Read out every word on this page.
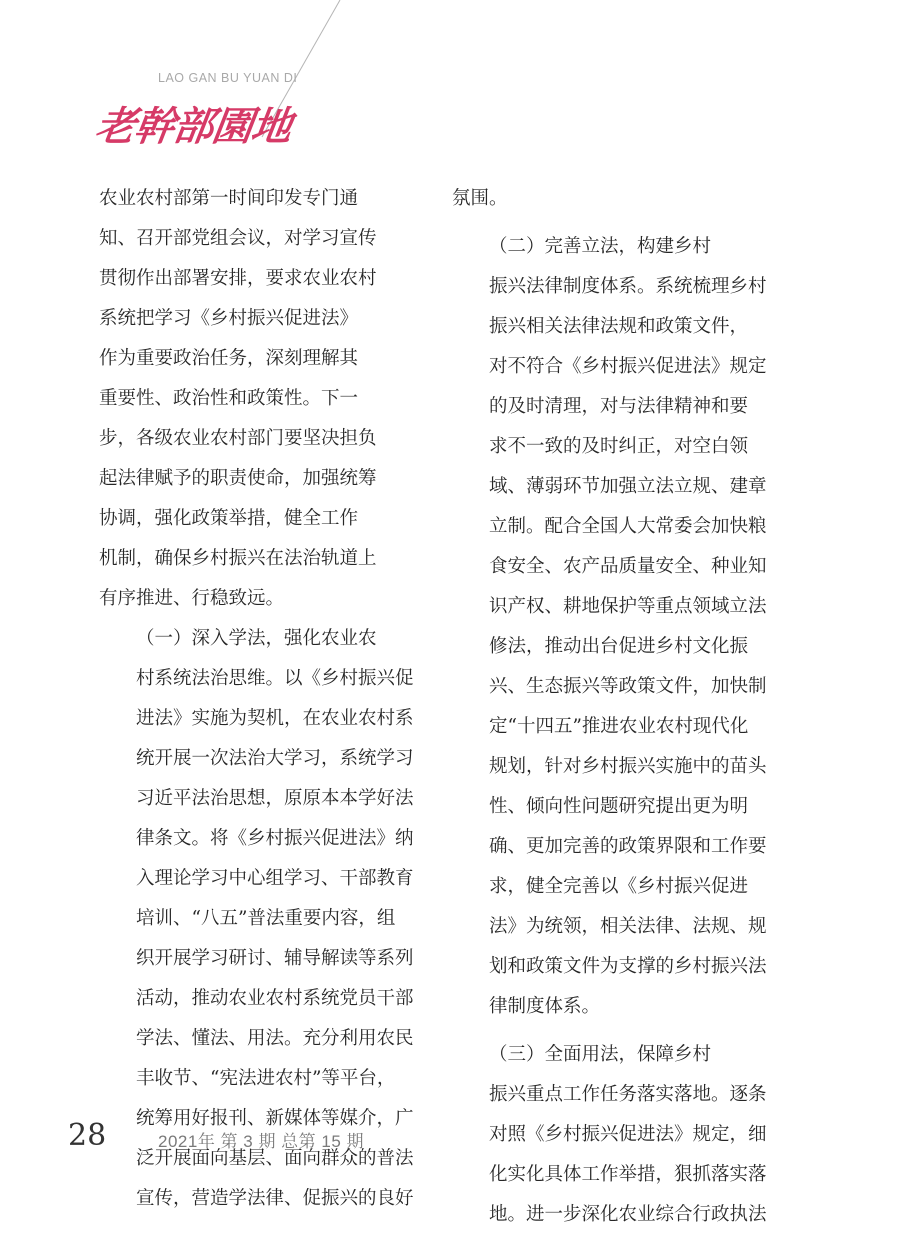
LAO GAN BU YUAN DI
老幹部園地

农业农村部第一时间印发专门通
知、召开部党组会议，对学习宣传
贯彻作出部署安排，要求农业农村
系统把学习《乡村振兴促进法》
作为重要政治任务，深刻理解其
重要性、政治性和政策性。下一
步，各级农业农村部门要坚决担负
起法律赋予的职责使命，加强统筹
协调，强化政策举措，健全工作
机制，确保乡村振兴在法治轨道上
有序推进、行稳致远。

（一）深入学法，强化农业农
村系统法治思维。以《乡村振兴促
进法》实施为契机，在农业农村系
统开展一次法治大学习，系统学习
习近平法治思想，原原本本学好法
律条文。将《乡村振兴促进法》纳
入理论学习中心组学习、干部教育
培训、“八五”普法重要内容，组
织开展学习研讨、辅导解读等系列
活动，推动农业农村系统党员干部
学法、懂法、用法。充分利用农民
丰收节、“宪法进农村”等平台，
统筹用好报刊、新媒体等媒介，广
泛开展面向基层、面向群众的普法
宣传，营造学法律、促振兴的良好

氛围。

（二）完善立法，构建乡村
振兴法律制度体系。系统梳理乡村
振兴相关法律法规和政策文件，
对不符合《乡村振兴促进法》规定
的及时清理，对与法律精神和要
求不一致的及时纠正，对空白领
域、薄弱环节加强立法立规、建章
立制。配合全国人大常委会加快粮
食安全、农产品质量安全、种业知
识产权、耕地保护等重点领域立法
修法，推动出台促进乡村文化振
兴、生态振兴等政策文件，加快制
定“十四五”推进农业农村现代化
规划，针对乡村振兴实施中的苗头
性、倾向性问题研究提出更为明
确、更加完善的政策界限和工作要
求，健全完善以《乡村振兴促进
法》为统领，相关法律、法规、规
划和政策文件为支撑的乡村振兴法
律制度体系。

（三）全面用法，保障乡村
振兴重点工作任务落实落地。逐条
对照《乡村振兴促进法》规定，细
化实化具体工作举措，狠抓落实落
地。进一步深化农业综合行政执法

28	2021年 第 3 期 总第 15 期
